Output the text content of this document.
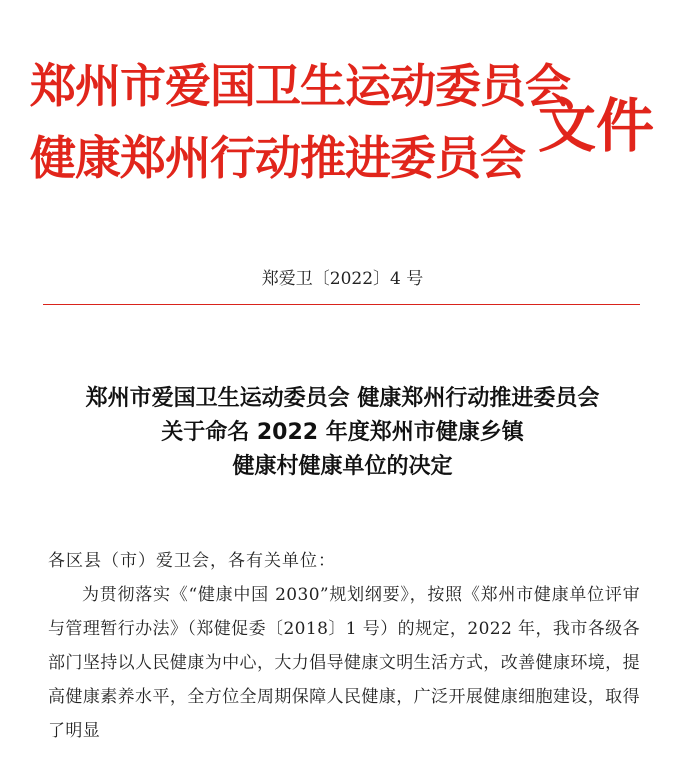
郑州市爱国卫生运动委员会
健康郑州行动推进委员会 文件
郑爱卫〔2022〕4 号
郑州市爱国卫生运动委员会 健康郑州行动推进委员会
关于命名 2022 年度郑州市健康乡镇
健康村健康单位的决定

各区县（市）爱卫会，各有关单位：

为贯彻落实《“健康中国 2030”规划纲要》，按照《郑州市健康单位评审与管理暂行办法》（郑健促委〔2018〕1 号）的规定，2022 年，我市各级各部门坚持以人民健康为中心，大力倡导健康文明生活方式，改善健康环境，提高健康素养水平，全方位全周期保障人民健康，广泛开展健康细胞建设，取得了明显
